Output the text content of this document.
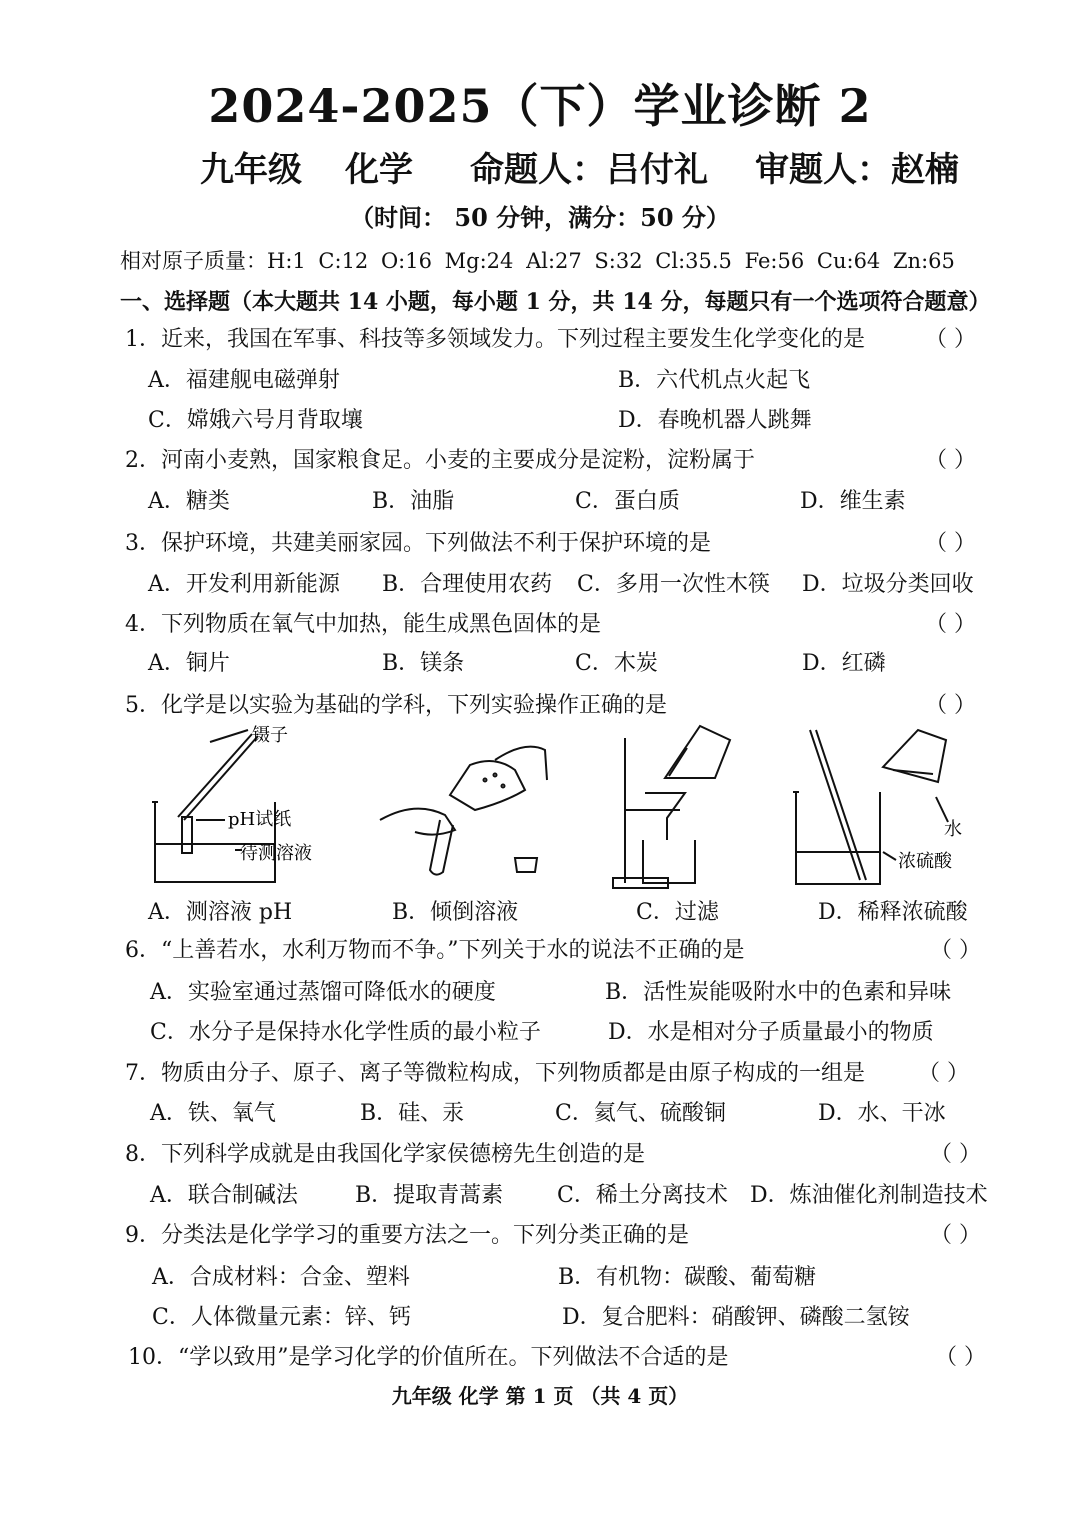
2024-2025（下）学业诊断 2
九年级 化学 命题人：吕付礼 审题人：赵楠
（时间： 50 分钟，满分：50 分）
相对原子质量：H:1 C:12 O:16 Mg:24 Al:27 S:32 Cl:35.5 Fe:56 Cu:64 Zn:65
一、选择题（本大题共 14 小题，每小题 1 分，共 14 分，每题只有一个选项符合题意）
1．近来，我国在军事、科技等多领域发力。下列过程主要发生化学变化的是	（ ）
A．福建舰电磁弹射	B．六代机点火起飞
C．嫦娥六号月背取壤	D．春晚机器人跳舞
2．河南小麦熟，国家粮食足。小麦的主要成分是淀粉，淀粉属于	（ ）
A．糖类	B．油脂	C．蛋白质	D．维生素
3．保护环境，共建美丽家园。下列做法不利于保护环境的是	（ ）
A．开发利用新能源 B．合理使用农药 C．多用一次性木筷 D．垃圾分类回收
4．下列物质在氧气中加热，能生成黑色固体的是	（ ）
A．铜片	B．镁条	C．木炭	D．红磷
5．化学是以实验为基础的学科，下列实验操作正确的是	（ ）
镊子
pH试纸
待测溶液
水
浓硫酸
A．测溶液 pH	B．倾倒溶液	C．过滤	D．稀释浓硫酸
6．“上善若水，水利万物而不争。”下列关于水的说法不正确的是	（ ）
A．实验室通过蒸馏可降低水的硬度	B．活性炭能吸附水中的色素和异味
C．水分子是保持水化学性质的最小粒子	D．水是相对分子质量最小的物质
7．物质由分子、原子、离子等微粒构成，下列物质都是由原子构成的一组是 （ ）
A．铁、氧气	B．硅、汞	C．氦气、硫酸铜	D．水、干冰
8．下列科学成就是由我国化学家侯德榜先生创造的是	（ ）
A．联合制碱法	B．提取青蒿素 C．稀土分离技术 D．炼油催化剂制造技术
9．分类法是化学学习的重要方法之一。下列分类正确的是	（ ）
A．合成材料：合金、塑料	B．有机物：碳酸、葡萄糖
C．人体微量元素：锌、钙	D．复合肥料：硝酸钾、磷酸二氢铵
10．“学以致用”是学习化学的价值所在。下列做法不合适的是	（ ）
九年级 化学 第 1 页 （共 4 页）
